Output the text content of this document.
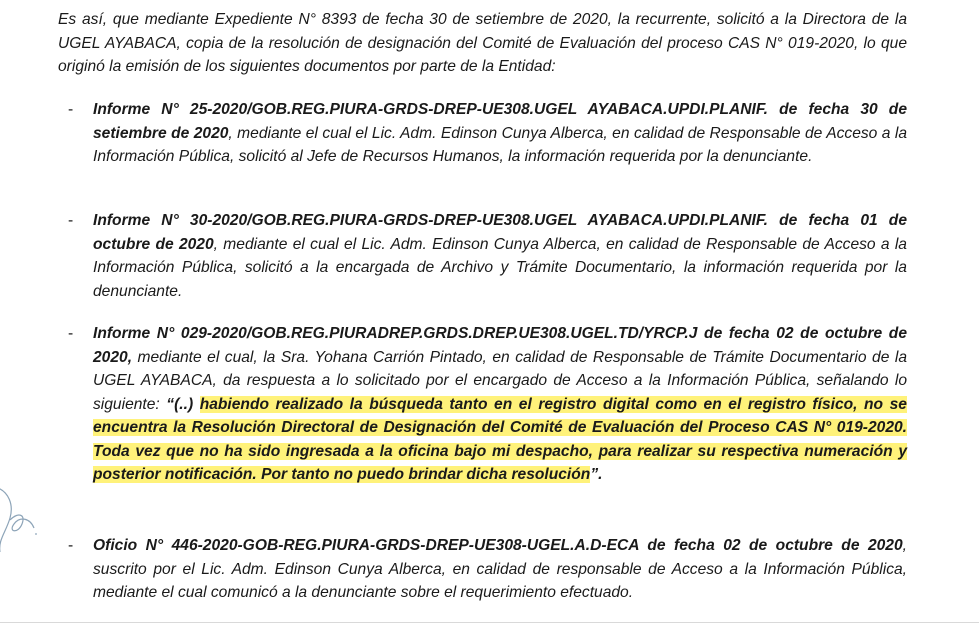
Es así, que mediante Expediente N° 8393 de fecha 30 de setiembre de 2020, la recurrente, solicitó a la Directora de la UGEL AYABACA, copia de la resolución de designación del Comité de Evaluación del proceso CAS N° 019-2020, lo que originó la emisión de los siguientes documentos por parte de la Entidad:

-	Informe N° 25-2020/GOB.REG.PIURA-GRDS-DREP-UE308.UGEL AYABACA.UPDI.PLANIF. de fecha 30 de setiembre de 2020, mediante el cual el Lic. Adm. Edinson Cunya Alberca, en calidad de Responsable de Acceso a la Información Pública, solicitó al Jefe de Recursos Humanos, la información requerida por la denunciante.
-	Informe N° 30-2020/GOB.REG.PIURA-GRDS-DREP-UE308.UGEL AYABACA.UPDI.PLANIF. de fecha 01 de octubre de 2020, mediante el cual el Lic. Adm. Edinson Cunya Alberca, en calidad de Responsable de Acceso a la Información Pública, solicitó a la encargada de Archivo y Trámite Documentario, la información requerida por la denunciante.
-	Informe N° 029-2020/GOB.REG.PIURADREP.GRDS.DREP.UE308.UGEL.TD/YRCP.J de fecha 02 de octubre de 2020, mediante el cual, la Sra. Yohana Carrión Pintado, en calidad de Responsable de Trámite Documentario de la UGEL AYABACA, da respuesta a lo solicitado por el encargado de Acceso a la Información Pública, señalando lo siguiente: “(..) habiendo realizado la búsqueda tanto en el registro digital como en el registro físico, no se encuentra la Resolución Directoral de Designación del Comité de Evaluación del Proceso CAS N° 019-2020. Toda vez que no ha sido ingresada a la oficina bajo mi despacho, para realizar su respectiva numeración y posterior notificación. Por tanto no puedo brindar dicha resolución”.
-	Oficio N° 446-2020-GOB-REG.PIURA-GRDS-DREP-UE308-UGEL.A.D-ECA de fecha 02 de octubre de 2020, suscrito por el Lic. Adm. Edinson Cunya Alberca, en calidad de responsable de Acceso a la Información Pública, mediante el cual comunicó a la denunciante sobre el requerimiento efectuado.
